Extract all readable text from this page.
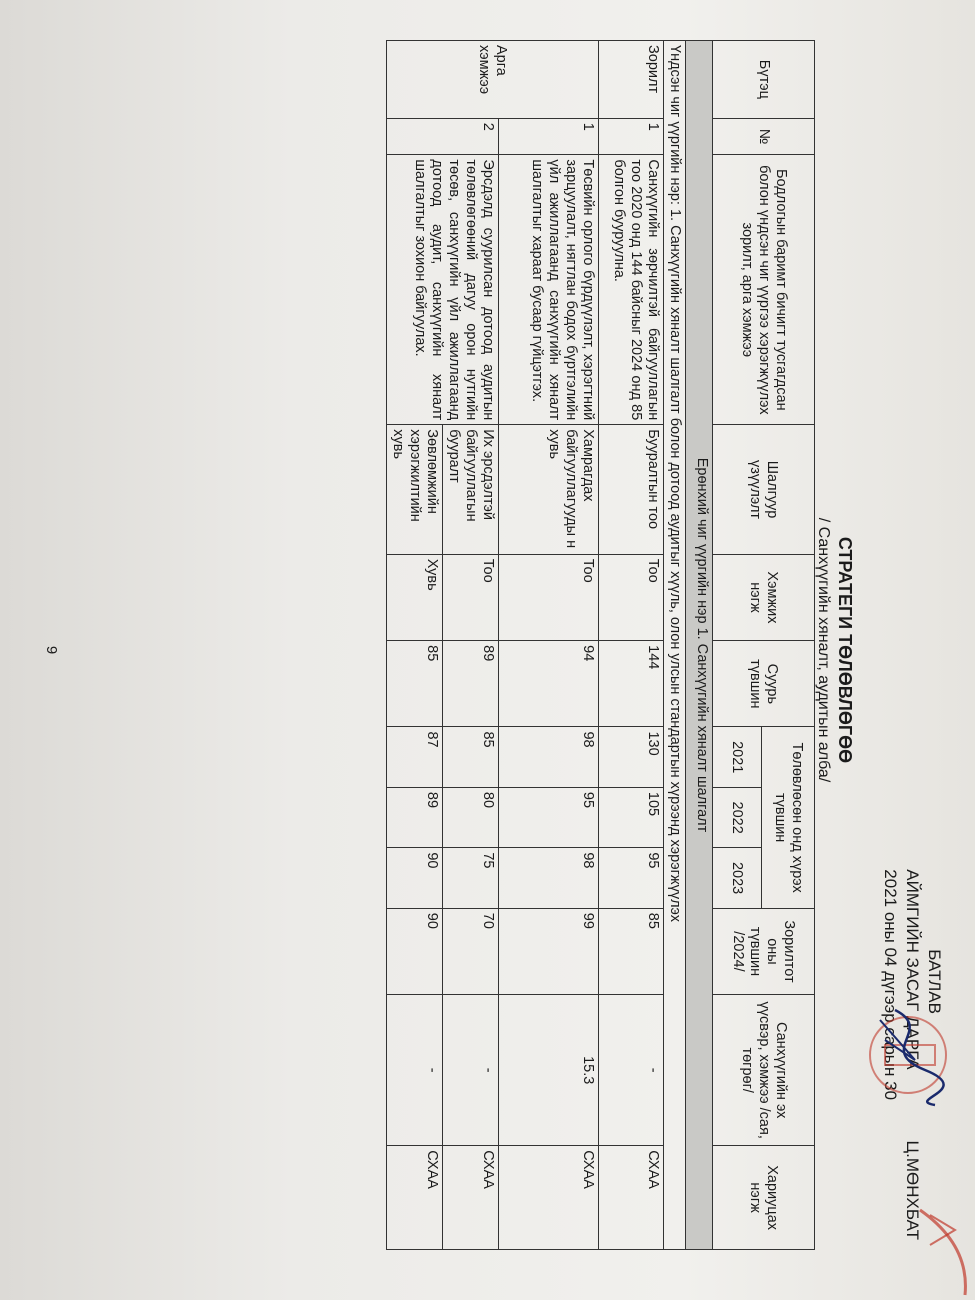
БАТЛАВ
АЙМГИЙН ЗАСАГ ДАРГА               Ц.МӨНХБАТ
2021 оны 04 дүгээр сарын 30
СТРАТЕГИ ТӨЛӨВЛӨГӨӨ
/ Санхүүгийн хяналт, аудитын алба/
Бүтэц	№	Бодлогын баримт бичигт тусгагдсан болон үндсэн чиг үүргээ хэрэгжүүлэх зорилт, арга хэмжээ	Шалгуур үзүүлэлт	Хэмжих нэгж	Суурь түвшин	Төлөвлөсөн онд хүрэх түвшин			Зорилтот оны түвшин /2024/	Санхүүгийн эх үүсвэр, хэмжээ /сая, төгрөг/	Хариуцах нэгж
						2021	2022	2023			
Ерөнхий чиг үүргийн нэр 1. Санхүүгийн хяналт шалгалт											
Үндсэн чиг үүргийн нэр: 1. Санхүүгийн хяналт шалгалт болон дотоод аудитыг хүүль, олон улсын стандартын хүрээнд хэрэгжүүлэх											
Зорилт	1	Санхүүгийн зөрчилтэй байгууллагын тоо 2020 онд 144 байсныг 2024 онд 85 болгон бууруулна.	Бууралтын тоо	Тоо	144	130	105	95	85	-	СХАА
Арга хэмжээ	1	Төсвийн орлого бүрдүүлэлт, хэрэгтний зарцуулалт, нягтлан бодох бүртгэлийн үйл ажиллагаанд санхүүгийн хяналт шалгалтыг хараат бусаар гүйцэтгэх.	Хамрагдах байгууллагууды н хувь	Тоо	94	98	95	98	99	15.3	СХАА
	2	Эрсдэлд суурилсан дотоод аудитын төлөвлөгөөний дагуу орон нутгийн төсөв, санхүүгийн үйл ажиллагаанд дотоод аудит, санхүүгийн хяналт шалгалтыг зохион байгуулах.	Их эрсдэлтэй байгууллагын бууралт	Тоо	89	85	80	75	70	-	СХАА
			Зөвлөмжийн хэрэгжилтийн хувь	Хувь	85	87	89	90	90	-	СХАА
9
